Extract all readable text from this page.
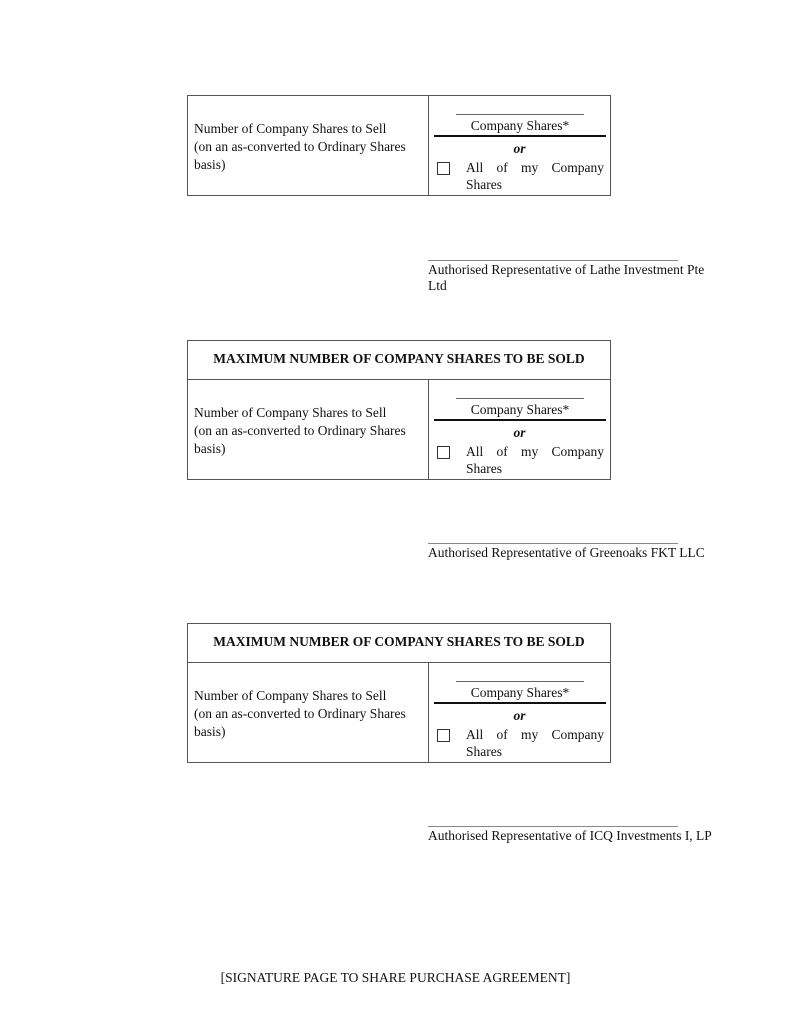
Number of Company Shares to Sell
(on an as-converted to Ordinary Shares basis)
Company Shares*
or
All of my Company
Shares
Authorised Representative of Lathe Investment Pte Ltd
MAXIMUM NUMBER OF COMPANY SHARES TO BE SOLD
Number of Company Shares to Sell
(on an as-converted to Ordinary Shares basis)
Company Shares*
or
All of my Company
Shares
Authorised Representative of Greenoaks FKT LLC
MAXIMUM NUMBER OF COMPANY SHARES TO BE SOLD
Number of Company Shares to Sell
(on an as-converted to Ordinary Shares basis)
Company Shares*
or
All of my Company
Shares
Authorised Representative of ICQ Investments I, LP
[SIGNATURE PAGE TO SHARE PURCHASE AGREEMENT]
